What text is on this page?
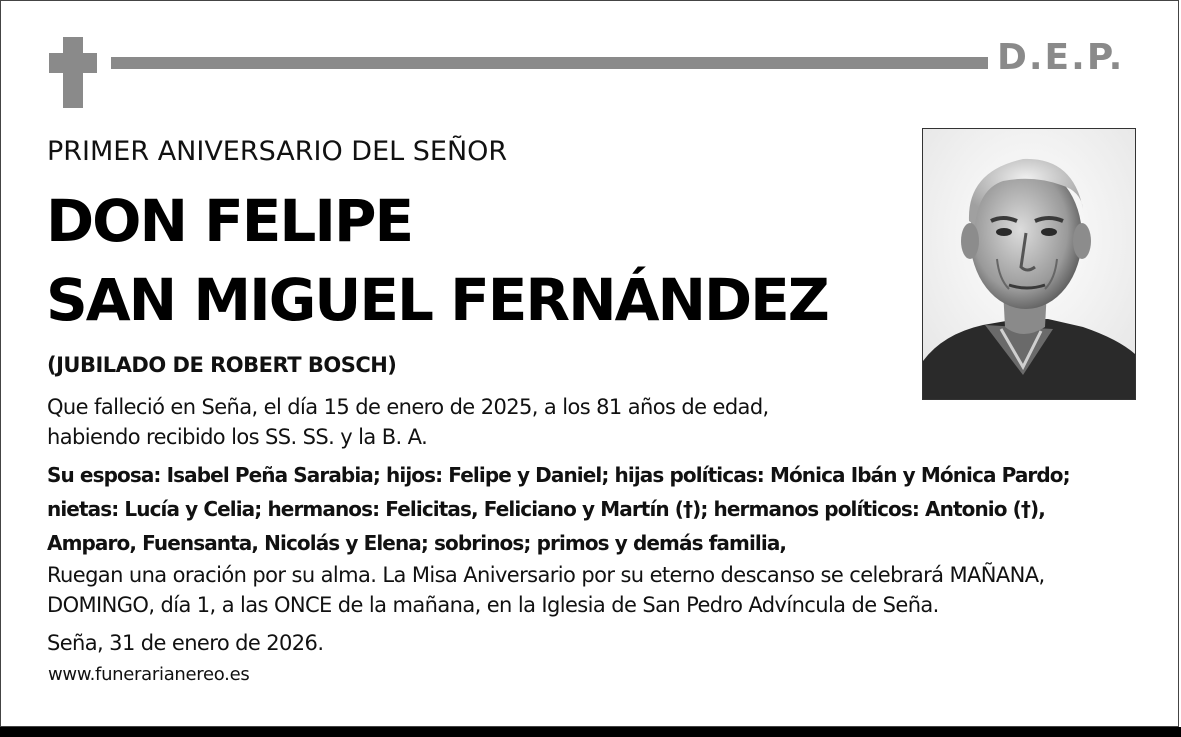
D.E.P.
PRIMER ANIVERSARIO DEL SEÑOR
DON FELIPE
SAN MIGUEL FERNÁNDEZ
(JUBILADO DE ROBERT BOSCH)
Que falleció en Seña, el día 15 de enero de 2025, a los 81 años de edad,
habiendo recibido los SS. SS. y la B. A.
Su esposa: Isabel Peña Sarabia; hijos: Felipe y Daniel; hijas políticas: Mónica Ibán y Mónica Pardo;
nietas: Lucía y Celia; hermanos: Felicitas, Feliciano y Martín (†); hermanos políticos: Antonio (†),
Amparo, Fuensanta, Nicolás y Elena; sobrinos; primos y demás familia,
Ruegan una oración por su alma. La Misa Aniversario por su eterno descanso se celebrará MAÑANA,
DOMINGO, día 1, a las ONCE de la mañana, en la Iglesia de San Pedro Advíncula de Seña.
Seña, 31 de enero de 2026.
www.funerarianereo.es
